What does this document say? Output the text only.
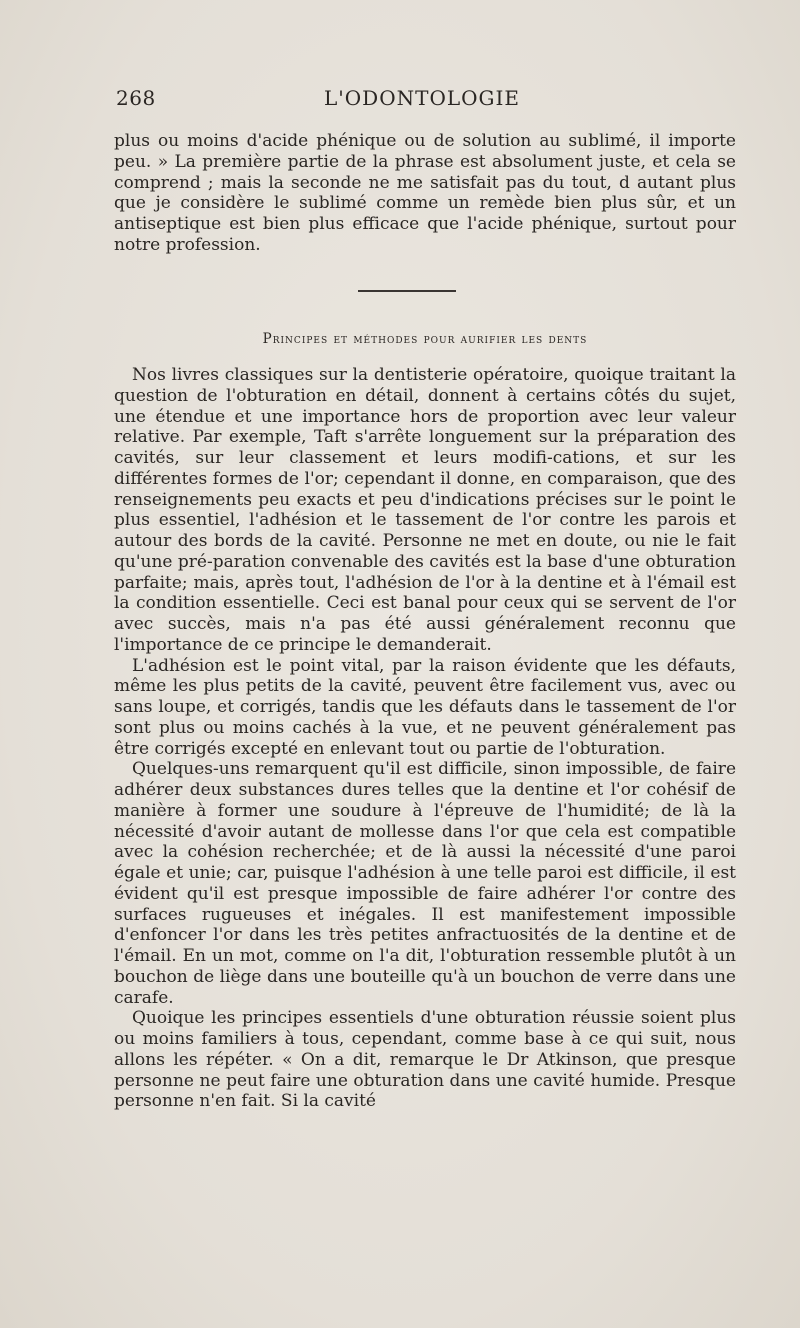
268	L'ODONTOLOGIE

plus ou moins d'acide phénique ou de solution au sublimé, il importe peu. » La première partie de la phrase est absolument juste, et cela se comprend ; mais la seconde ne me satisfait pas du tout, d autant plus que je considère le sublimé comme un remède bien plus sûr, et un antiseptique est bien plus efficace que l'acide phénique, surtout pour notre profession.

Principes et méthodes pour aurifier les dents

Nos livres classiques sur la dentisterie opératoire, quoique traitant la question de l'obturation en détail, donnent à certains côtés du sujet, une étendue et une importance hors de proportion avec leur valeur relative. Par exemple, Taft s'arrête longuement sur la préparation des cavités, sur leur classement et leurs modifi-cations, et sur les différentes formes de l'or; cependant il donne, en comparaison, que des renseignements peu exacts et peu d'indications précises sur le point le plus essentiel, l'adhésion et le tassement de l'or contre les parois et autour des bords de la cavité. Personne ne met en doute, ou nie le fait qu'une pré-paration convenable des cavités est la base d'une obturation parfaite; mais, après tout, l'adhésion de l'or à la dentine et à l'émail est la condition essentielle. Ceci est banal pour ceux qui se servent de l'or avec succès, mais n'a pas été aussi généralement reconnu que l'importance de ce principe le demanderait.

L'adhésion est le point vital, par la raison évidente que les défauts, même les plus petits de la cavité, peuvent être facilement vus, avec ou sans loupe, et corrigés, tandis que les défauts dans le tassement de l'or sont plus ou moins cachés à la vue, et ne peuvent généralement pas être corrigés excepté en enlevant tout ou partie de l'obturation.

Quelques-uns remarquent qu'il est difficile, sinon impossible, de faire adhérer deux substances dures telles que la dentine et l'or cohésif de manière à former une soudure à l'épreuve de l'humidité; de là la nécessité d'avoir autant de mollesse dans l'or que cela est compatible avec la cohésion recherchée; et de là aussi la nécessité d'une paroi égale et unie; car, puisque l'adhésion à une telle paroi est difficile, il est évident qu'il est presque impossible de faire adhérer l'or contre des surfaces rugueuses et inégales. Il est manifestement impossible d'enfoncer l'or dans les très petites anfractuosités de la dentine et de l'émail. En un mot, comme on l'a dit, l'obturation ressemble plutôt à un bouchon de liège dans une bouteille qu'à un bouchon de verre dans une carafe.

Quoique les principes essentiels d'une obturation réussie soient plus ou moins familiers à tous, cependant, comme base à ce qui suit, nous allons les répéter. « On a dit, remarque le Dr Atkinson, que presque personne ne peut faire une obturation dans une cavité humide. Presque personne n'en fait. Si la cavité
